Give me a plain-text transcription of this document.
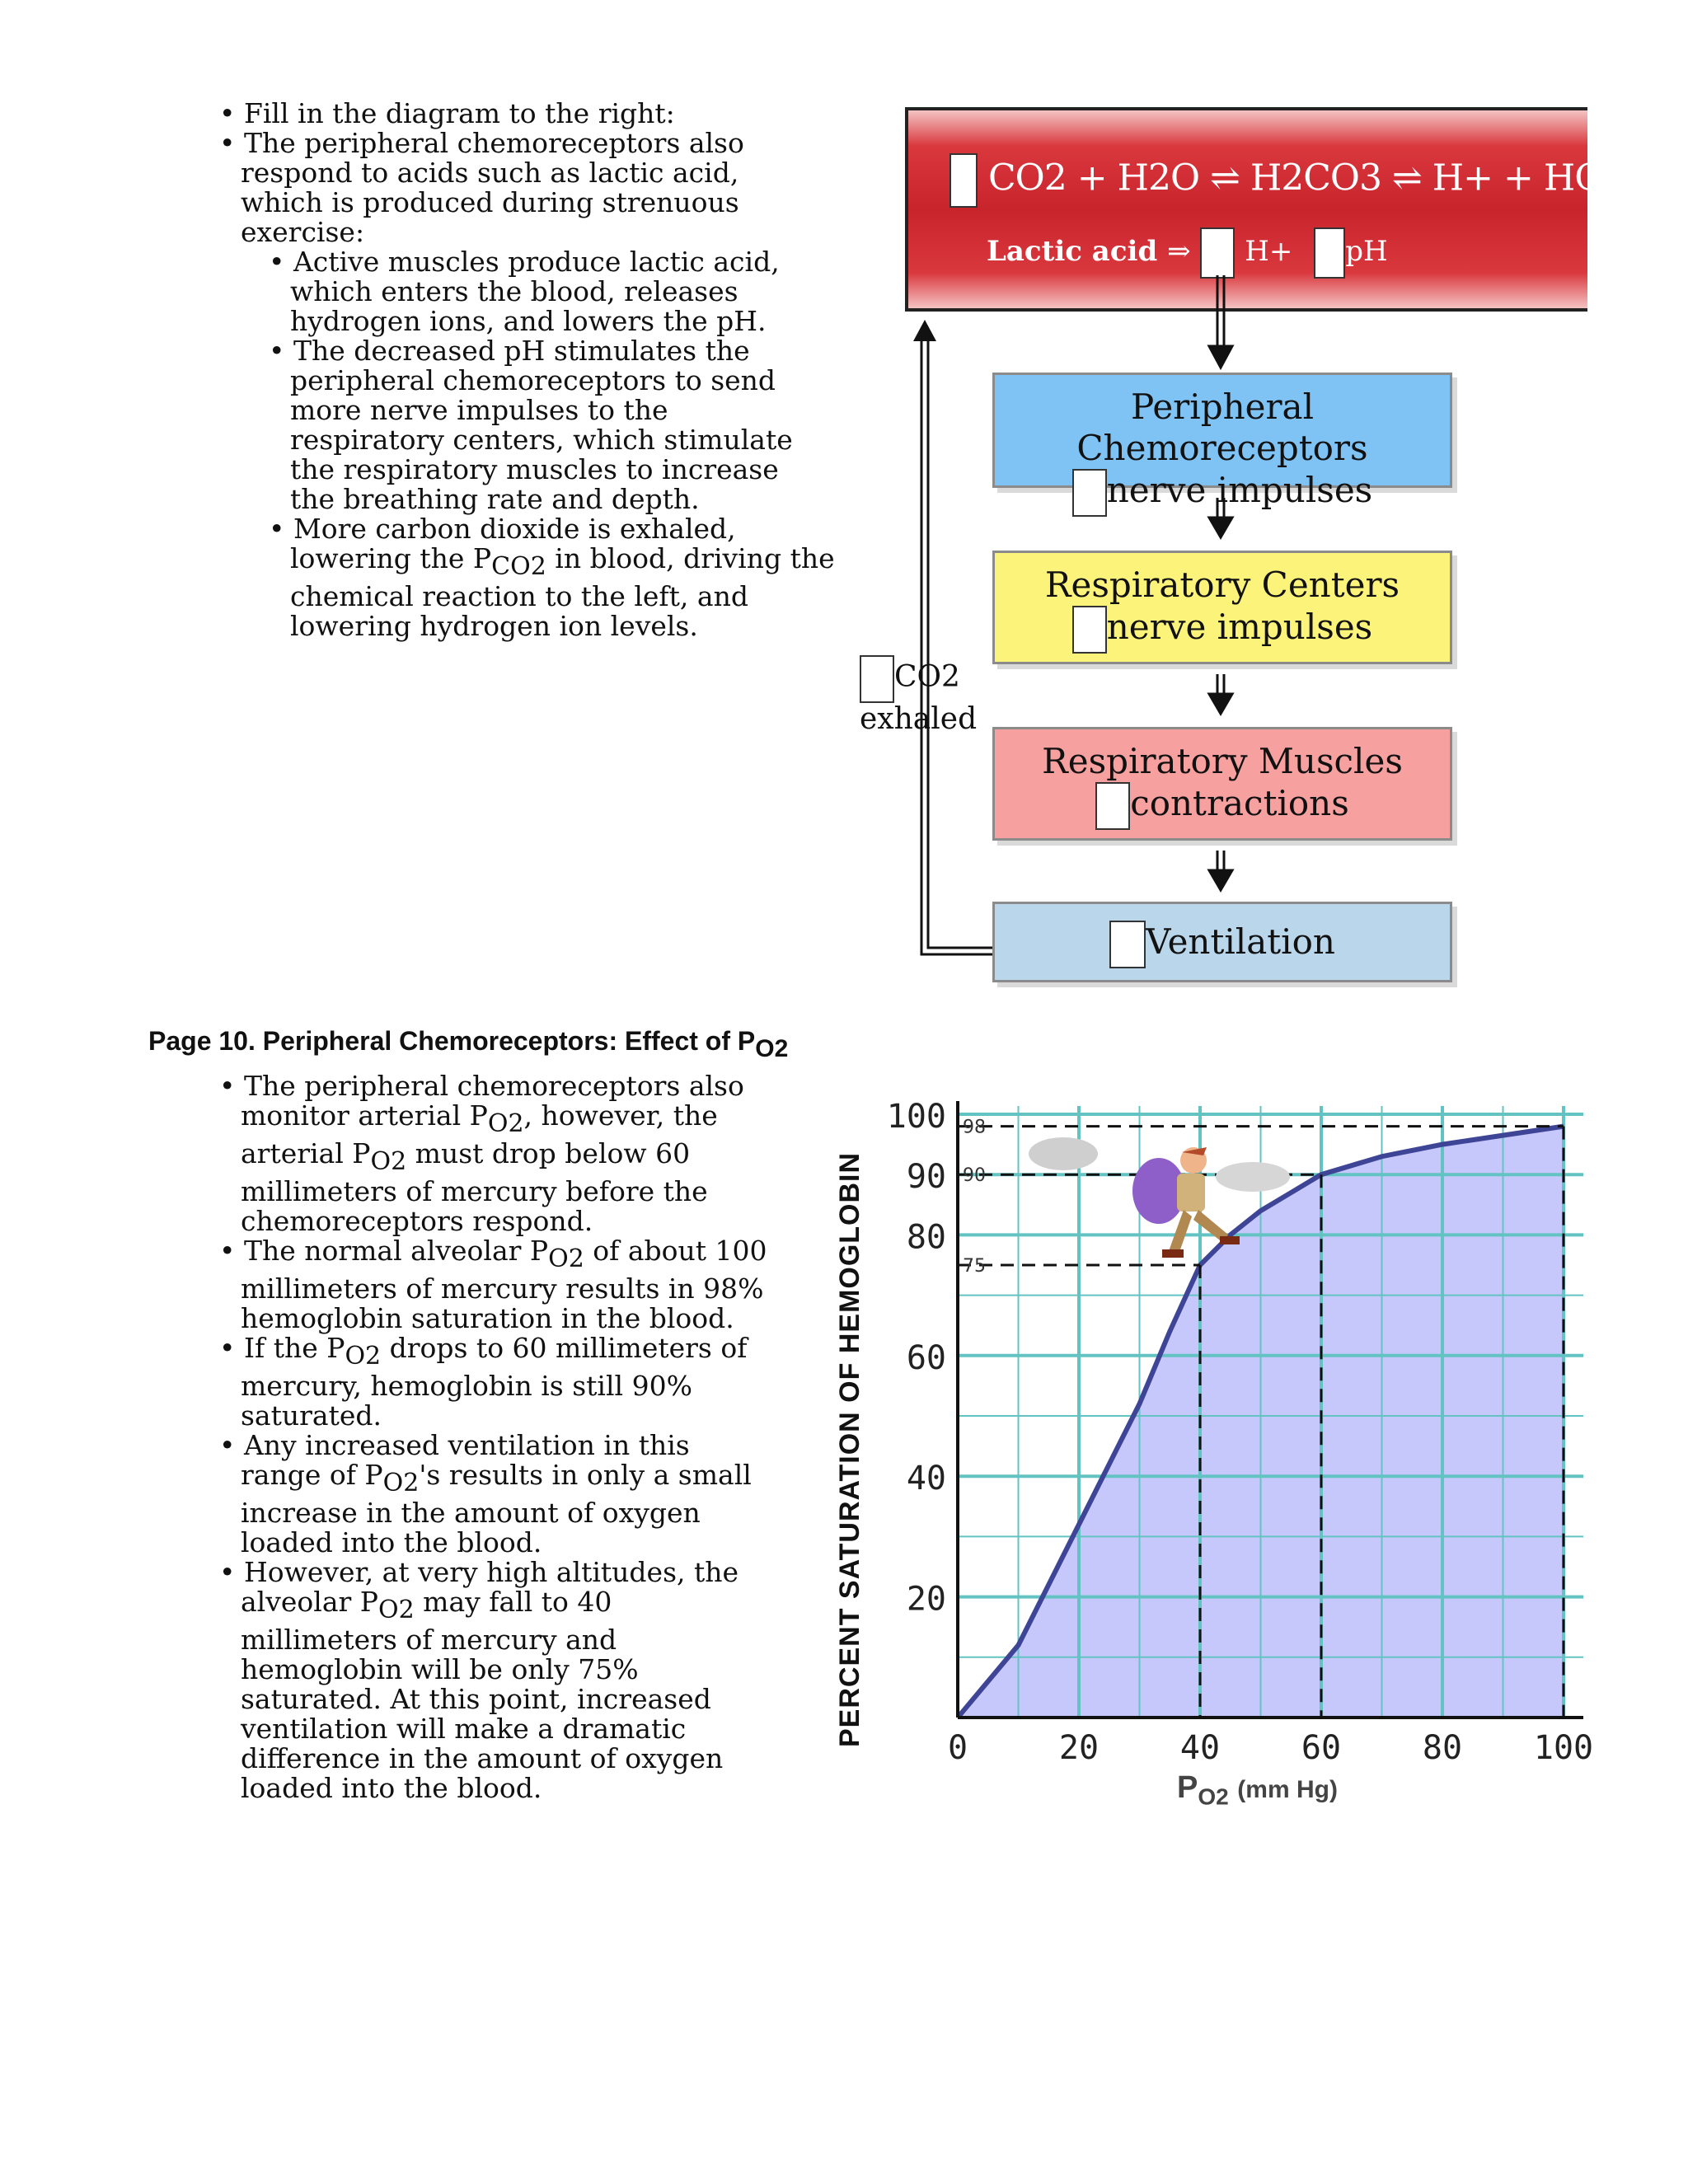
• Fill in the diagram to the right:

• The peripheral chemoreceptors also respond to acids such as lactic acid, which is produced during strenuous exercise:

• Active muscles produce lactic acid, which enters the blood, releases hydrogen ions, and lowers the pH.

• The decreased pH stimulates the peripheral chemoreceptors to send more nerve impulses to the respiratory centers, which stimulate the respiratory muscles to increase the breathing rate and depth.

• More carbon dioxide is exhaled, lowering the $P_{CO2}$ in blood, driving the chemical reaction to the left, and lowering hydrogen ion levels.

CO2 + H2O ⇌ H2CO3 ⇌ H+ + HCO3−
Lactic acid ⇒ H+ pH
Peripheral Chemoreceptors
nerve impulses
Respiratory Centers
nerve impulses
Respiratory Muscles
contractions
Ventilation
CO2
exhaled
Page 10. Peripheral Chemoreceptors: Effect of $P_{O2}$

• The peripheral chemoreceptors also monitor arterial $P_{O2}$, however, the arterial $P_{O2}$ must drop below 60 millimeters of mercury before the chemoreceptors respond.

• The normal alveolar $P_{O2}$ of about 100 millimeters of mercury results in 98% hemoglobin saturation in the blood.

• If the $P_{O2}$ drops to 60 millimeters of mercury, hemoglobin is still 90% saturated.

• Any increased ventilation in this range of $P_{O2}'s$ results in only a small increase in the amount of oxygen loaded into the blood.

• However, at very high altitudes, the alveolar $P_{O2}$ may fall to 40 millimeters of mercury and hemoglobin will be only 75% saturated. At this point, increased ventilation will make a dramatic difference in the amount of oxygen loaded into the blood.

PERCENT SATURATION OF HEMOGLOBIN
98
90
75
20
40
60
80
90
100
0	20 40 60 80 100
$P_{O2}$ (mm Hg)
